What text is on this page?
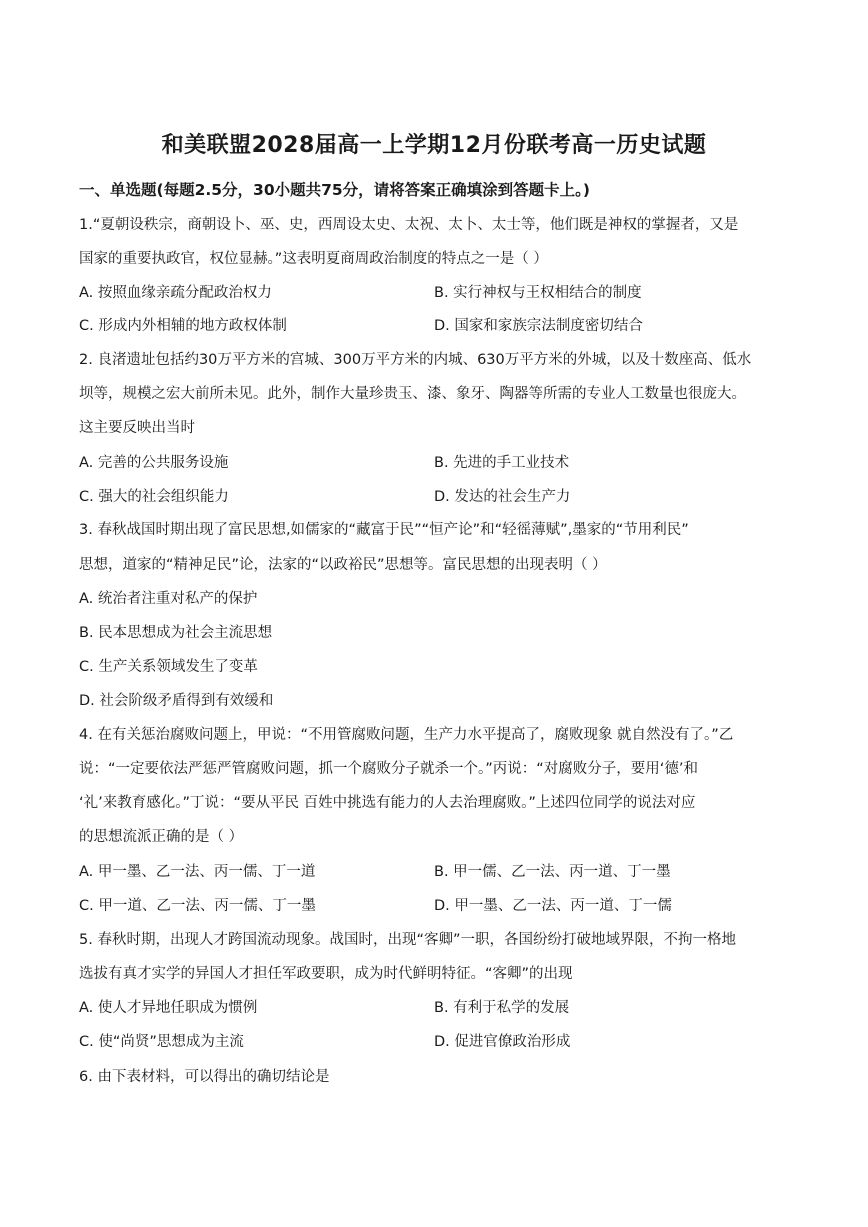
和美联盟2028届高一上学期12月份联考高一历史试题
一、单选题(每题2.5分，30小题共75分，请将答案正确填涂到答题卡上。)
1.“夏朝设秩宗，商朝设卜、巫、史，西周设太史、太祝、太卜、太士等，他们既是神权的掌握者，又是
国家的重要执政官，权位显赫。”这表明夏商周政治制度的特点之一是（ ）
A. 按照血缘亲疏分配政治权力	B. 实行神权与王权相结合的制度
C. 形成内外相辅的地方政权体制	D. 国家和家族宗法制度密切结合
2. 良渚遗址包括约30万平方米的宫城、300万平方米的内城、630万平方米的外城，以及十数座高、低水
坝等，规模之宏大前所未见。此外，制作大量珍贵玉、漆、象牙、陶器等所需的专业人工数量也很庞大。
这主要反映出当时
A. 完善的公共服务设施	B. 先进的手工业技术
C. 强大的社会组织能力	D. 发达的社会生产力
3. 春秋战国时期出现了富民思想,如儒家的“藏富于民”“恒产论”和“轻徭薄赋”,墨家的“节用利民”
思想，道家的“精神足民”论，法家的“以政裕民”思想等。富民思想的出现表明（ ）
A. 统治者注重对私产的保护
B. 民本思想成为社会主流思想
C. 生产关系领域发生了变革
D. 社会阶级矛盾得到有效缓和
4. 在有关惩治腐败问题上，甲说：“不用管腐败问题，生产力水平提高了，腐败现象 就自然没有了。”乙
说：“一定要依法严惩严管腐败问题，抓一个腐败分子就杀一个。”丙说：“对腐败分子，要用‘德’和
‘礼’来教育感化。”丁说：“要从平民 百姓中挑选有能力的人去治理腐败。”上述四位同学的说法对应
的思想流派正确的是（ ）
A. 甲一墨、乙一法、丙一儒、丁一道	B. 甲一儒、乙一法、丙一道、丁一墨
C. 甲一道、乙一法、丙一儒、丁一墨	D. 甲一墨、乙一法、丙一道、丁一儒
5. 春秋时期，出现人才跨国流动现象。战国时，出现“客卿”一职，各国纷纷打破地域界限，不拘一格地
选拔有真才实学的异国人才担任军政要职，成为时代鲜明特征。“客卿”的出现
A. 使人才异地任职成为惯例	B. 有利于私学的发展
C. 使“尚贤”思想成为主流	D. 促进官僚政治形成
6. 由下表材料，可以得出的确切结论是
